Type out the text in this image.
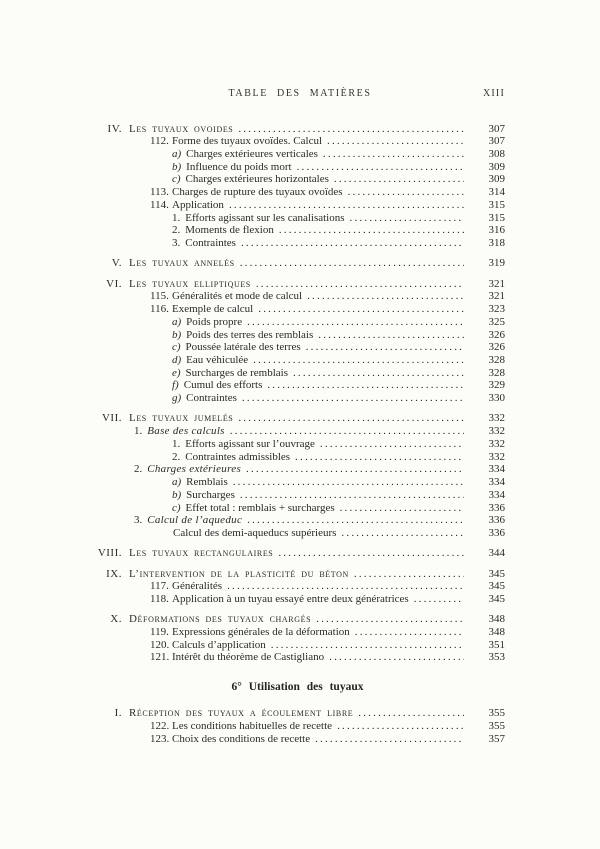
TABLE DES MATIÈRES	XIII
IV. Les tuyaux ovoides .....	307
112. Forme des tuyaux ovoïdes. Calcul .....	307
a) Charges extérieures verticales .....	308
b) Influence du poids mort .....	309
c) Charges extérieures horizontales .....	309
113. Charges de rupture des tuyaux ovoïdes .....	314
114. Application .....	315
1. Efforts agissant sur les canalisations .....	315
2. Moments de flexion .....	316
3. Contraintes .....	318
V. Les tuyaux annelés .....	319
VI. Les tuyaux elliptiques .....	321
115. Généralités et mode de calcul .....	321
116. Exemple de calcul .....	323
a) Poids propre .....	325
b) Poids des terres des remblais .....	326
c) Poussée latérale des terres .....	326
d) Eau véhiculée .....	328
e) Surcharges de remblais .....	328
f) Cumul des efforts .....	329
g) Contraintes .....	330
VII. Les tuyaux jumelés .....	332
1. Base des calculs .....	332
1. Efforts agissant sur l’ouvrage .....	332
2. Contraintes admissibles .....	332
2. Charges extérieures .....	334
a) Remblais .....	334
b) Surcharges .....	334
c) Effet total : remblais + surcharges .....	336
3. Calcul de l’aqueduc .....	336
Calcul des demi-aqueducs supérieurs .....	336
VIII. Les tuyaux rectangulaires .....	344
IX. L’intervention de la plasticité du béton .....	345
117. Généralités .....	345
118. Application à un tuyau essayé entre deux génératrices .....	345
X. Déformations des tuyaux chargés .....	348
119. Expressions générales de la déformation .....	348
120. Calculs d’application .....	351
121. Intérêt du théorème de Castigliano .....	353
6° Utilisation des tuyaux
I. Réception des tuyaux a écoulement libre .....	355
122. Les conditions habituelles de recette .....	355
123. Choix des conditions de recette .....	357
